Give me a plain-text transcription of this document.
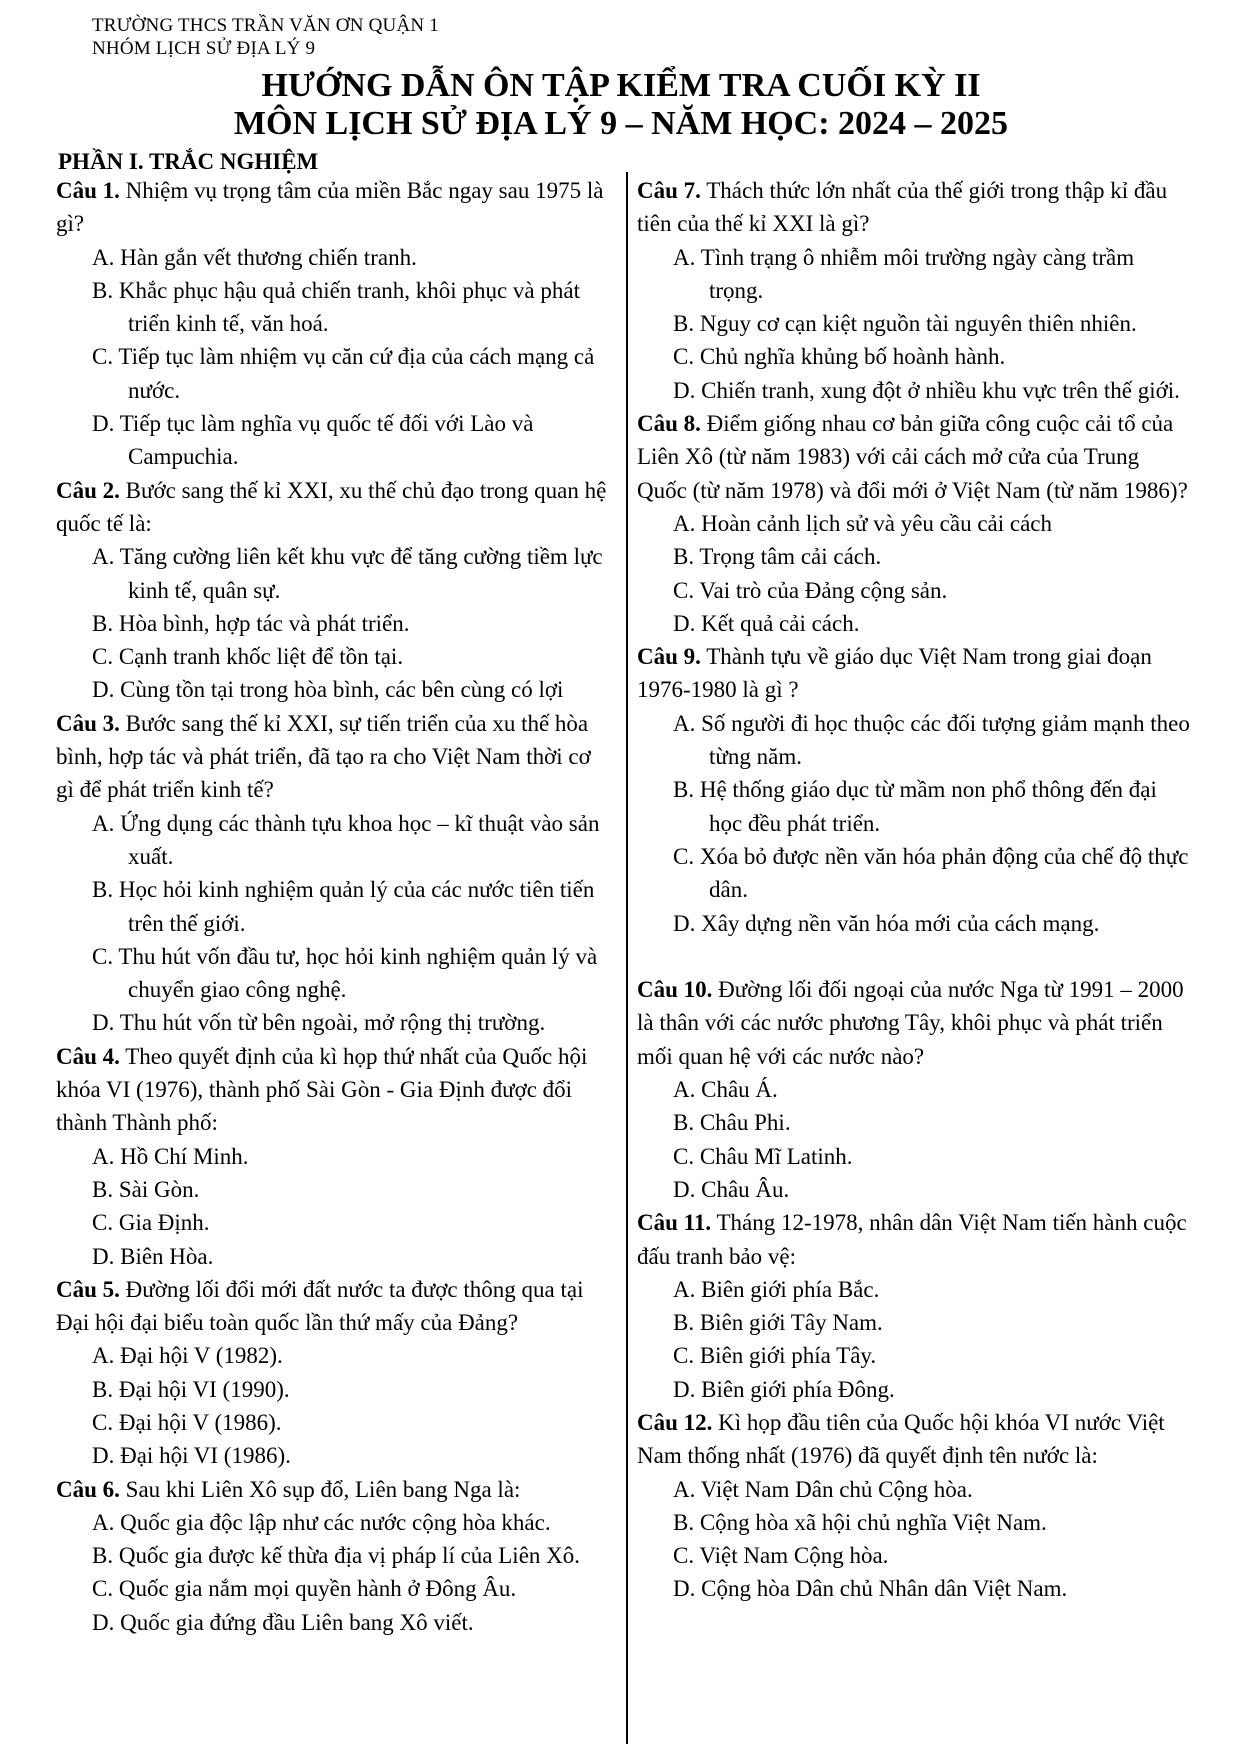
TRƯỜNG THCS TRẦN VĂN ƠN QUẬN 1
NHÓM LỊCH SỬ ĐỊA LÝ 9
HƯỚNG DẪN ÔN TẬP KIỂM TRA CUỐI KỲ II
MÔN LỊCH SỬ ĐỊA LÝ 9 – NĂM HỌC: 2024 – 2025
PHẦN I. TRẮC NGHIỆM

Câu 1. Nhiệm vụ trọng tâm của miền Bắc ngay sau 1975 là gì?

A. Hàn gắn vết thương chiến tranh.

B. Khắc phục hậu quả chiến tranh, khôi phục và phát triển kinh tế, văn hoá.

C. Tiếp tục làm nhiệm vụ căn cứ địa của cách mạng cả nước.

D. Tiếp tục làm nghĩa vụ quốc tế đối với Lào và Campuchia.

Câu 2. Bước sang thế kỉ XXI, xu thế chủ đạo trong quan hệ quốc tế là:

A. Tăng cường liên kết khu vực để tăng cường tiềm lực kinh tế, quân sự.

B. Hòa bình, hợp tác và phát triển.

C. Cạnh tranh khốc liệt để tồn tại.

D. Cùng tồn tại trong hòa bình, các bên cùng có lợi

Câu 3. Bước sang thế kỉ XXI, sự tiến triển của xu thế hòa bình, hợp tác và phát triển, đã tạo ra cho Việt Nam thời cơ gì để phát triển kinh tế?

A. Ứng dụng các thành tựu khoa học – kĩ thuật vào sản xuất.

B. Học hỏi kinh nghiệm quản lý của các nước tiên tiến trên thế giới.

C. Thu hút vốn đầu tư, học hỏi kinh nghiệm quản lý và chuyển giao công nghệ.

D. Thu hút vốn từ bên ngoài, mở rộng thị trường.

Câu 4. Theo quyết định của kì họp thứ nhất của Quốc hội khóa VI (1976), thành phố Sài Gòn - Gia Định được đổi thành Thành phố:

A. Hồ Chí Minh.

B. Sài Gòn.

C. Gia Định.

D. Biên Hòa.

Câu 5. Đường lối đổi mới đất nước ta được thông qua tại Đại hội đại biểu toàn quốc lần thứ mấy của Đảng?

A. Đại hội V (1982).

B. Đại hội VI (1990).

C. Đại hội V (1986).

D. Đại hội VI (1986).

Câu 6. Sau khi Liên Xô sụp đổ, Liên bang Nga là:

A. Quốc gia độc lập như các nước cộng hòa khác.

B. Quốc gia được kế thừa địa vị pháp lí của Liên Xô.

C. Quốc gia nắm mọi quyền hành ở Đông Âu.

D. Quốc gia đứng đầu Liên bang Xô viết.

Câu 7. Thách thức lớn nhất của thế giới trong thập kỉ đầu tiên của thế kỉ XXI là gì?

A. Tình trạng ô nhiễm môi trường ngày càng trầm trọng.

B. Nguy cơ cạn kiệt nguồn tài nguyên thiên nhiên.

C. Chủ nghĩa khủng bố hoành hành.

D. Chiến tranh, xung đột ở nhiều khu vực trên thế giới.

Câu 8. Điểm giống nhau cơ bản giữa công cuộc cải tổ của Liên Xô (từ năm 1983) với cải cách mở cửa của Trung Quốc (từ năm 1978) và đổi mới ở Việt Nam (từ năm 1986)?

A. Hoàn cảnh lịch sử và yêu cầu cải cách

B. Trọng tâm cải cách.

C. Vai trò của Đảng cộng sản.

D. Kết quả cải cách.

Câu 9. Thành tựu về giáo dục Việt Nam trong giai đoạn 1976-1980 là gì ?

A. Số người đi học thuộc các đối tượng giảm mạnh theo từng năm.

B. Hệ thống giáo dục từ mầm non phổ thông đến đại học đều phát triển.

C. Xóa bỏ được nền văn hóa phản động của chế độ thực dân.

D. Xây dựng nền văn hóa mới của cách mạng.

Câu 10. Đường lối đối ngoại của nước Nga từ 1991 – 2000 là thân với các nước phương Tây, khôi phục và phát triển mối quan hệ với các nước nào?

A. Châu Á.

B. Châu Phi.

C. Châu Mĩ Latinh.

D. Châu Âu.

Câu 11. Tháng 12-1978, nhân dân Việt Nam tiến hành cuộc đấu tranh bảo vệ:

A. Biên giới phía Bắc.

B. Biên giới Tây Nam.

C. Biên giới phía Tây.

D. Biên giới phía Đông.

Câu 12. Kì họp đầu tiên của Quốc hội khóa VI nước Việt Nam thống nhất (1976) đã quyết định tên nước là:

A. Việt Nam Dân chủ Cộng hòa.

B. Cộng hòa xã hội chủ nghĩa Việt Nam.

C. Việt Nam Cộng hòa.

D. Cộng hòa Dân chủ Nhân dân Việt Nam.
